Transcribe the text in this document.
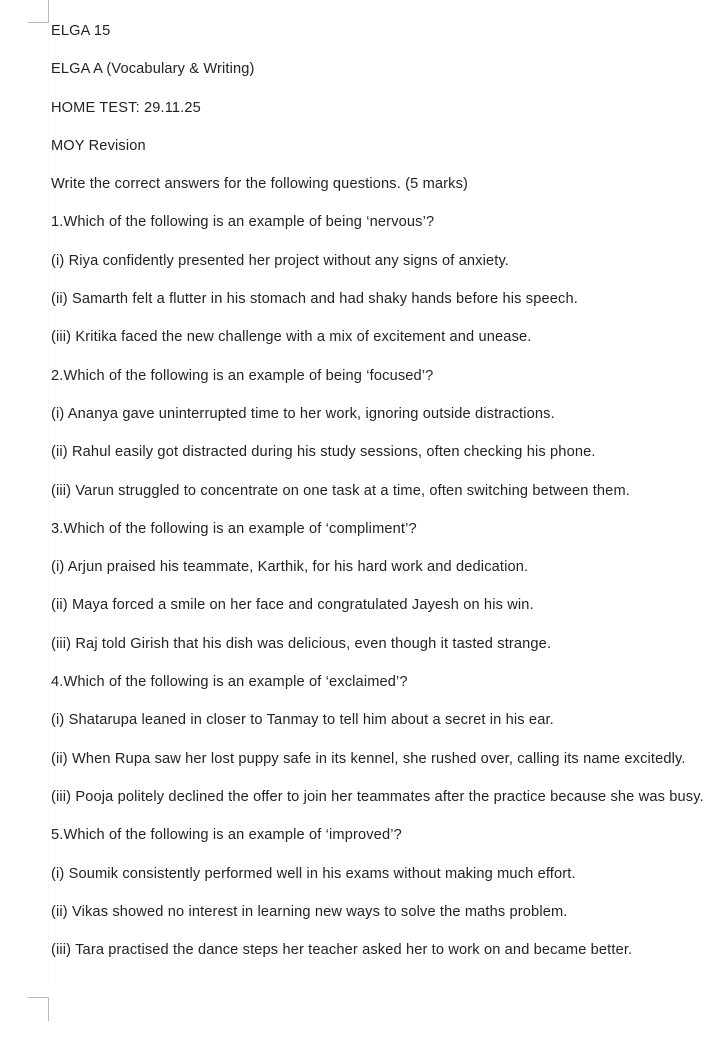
ELGA 15

ELGA A (Vocabulary & Writing)

HOME TEST: 29.11.25

MOY Revision

Write the correct answers for the following questions. (5 marks)

1.Which of the following is an example of being ‘nervous’?

(i) Riya confidently presented her project without any signs of anxiety.

(ii) Samarth felt a flutter in his stomach and had shaky hands before his speech.

(iii) Kritika faced the new challenge with a mix of excitement and unease.

2.Which of the following is an example of being ‘focused’?

(i) Ananya gave uninterrupted time to her work, ignoring outside distractions.

(ii) Rahul easily got distracted during his study sessions, often checking his phone.

(iii) Varun struggled to concentrate on one task at a time, often switching between them.

3.Which of the following is an example of ‘compliment’?

(i) Arjun praised his teammate, Karthik, for his hard work and dedication.

(ii) Maya forced a smile on her face and congratulated Jayesh on his win.

(iii) Raj told Girish that his dish was delicious, even though it tasted strange.

4.Which of the following is an example of ‘exclaimed’?

(i) Shatarupa leaned in closer to Tanmay to tell him about a secret in his ear.

(ii) When Rupa saw her lost puppy safe in its kennel, she rushed over, calling its name excitedly.

(iii) Pooja politely declined the offer to join her teammates after the practice because she was busy.

5.Which of the following is an example of ‘improved’?

(i) Soumik consistently performed well in his exams without making much effort.

(ii) Vikas showed no interest in learning new ways to solve the maths problem.

(iii) Tara practised the dance steps her teacher asked her to work on and became better.
